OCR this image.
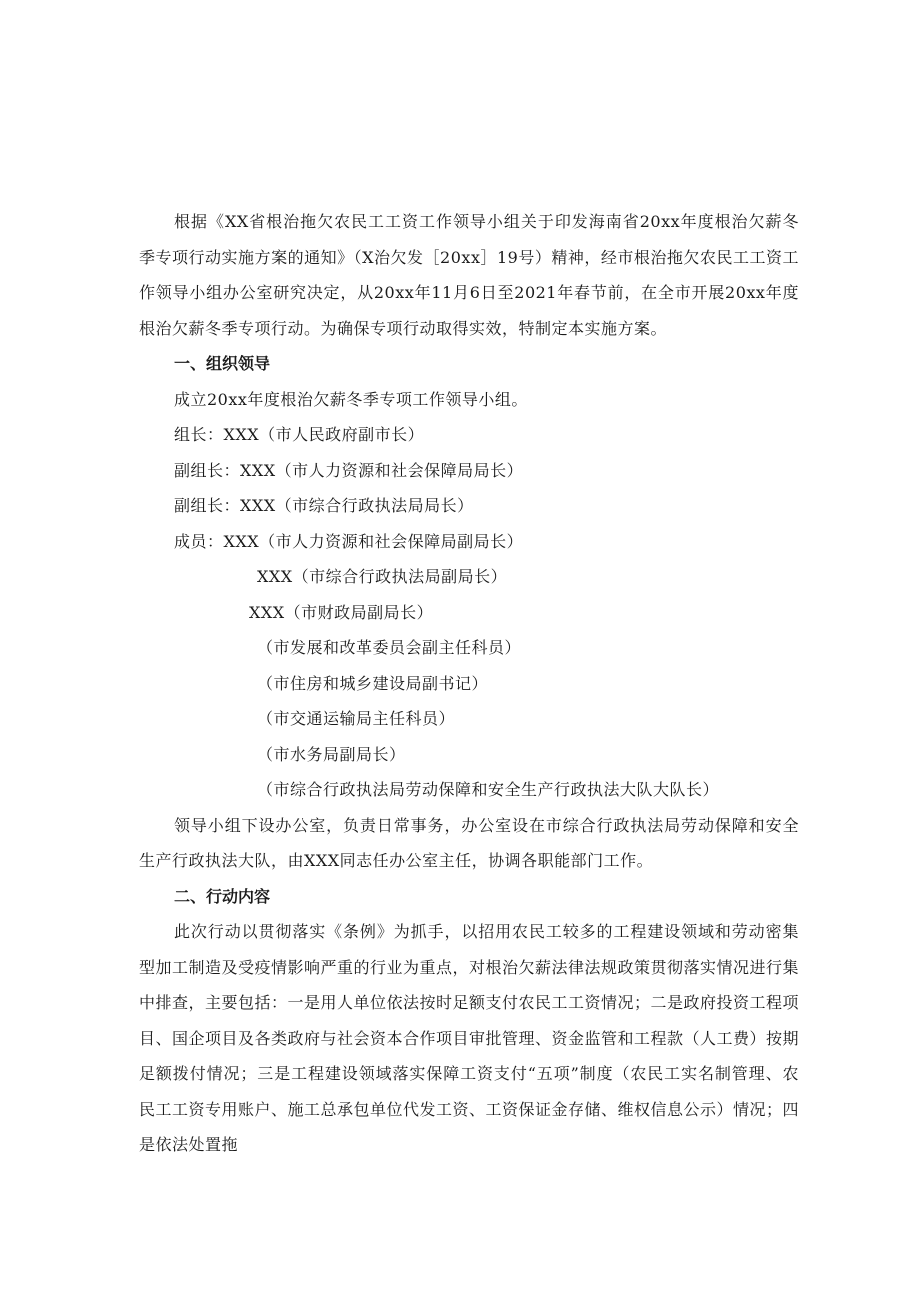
根据《XX省根治拖欠农民工工资工作领导小组关于印发海南省20xx年度根治欠薪冬季专项行动实施方案的通知》（X治欠发［20xx］19号）精神，经市根治拖欠农民工工资工作领导小组办公室研究决定，从20xx年11月6日至2021年春节前，在全市开展20xx年度根治欠薪冬季专项行动。为确保专项行动取得实效，特制定本实施方案。

一、组织领导

成立20xx年度根治欠薪冬季专项工作领导小组。

组长：XXX（市人民政府副市长）

副组长：XXX（市人力资源和社会保障局局长）

副组长：XXX（市综合行政执法局局长）

成员：XXX（市人力资源和社会保障局副局长）

XXX（市综合行政执法局副局长）

XXX（市财政局副局长）

（市发展和改革委员会副主任科员）

（市住房和城乡建设局副书记）

（市交通运输局主任科员）

（市水务局副局长）

（市综合行政执法局劳动保障和安全生产行政执法大队大队长）

领导小组下设办公室，负责日常事务，办公室设在市综合行政执法局劳动保障和安全生产行政执法大队，由XXX同志任办公室主任，协调各职能部门工作。

二、行动内容

此次行动以贯彻落实《条例》为抓手，以招用农民工较多的工程建设领域和劳动密集型加工制造及受疫情影响严重的行业为重点，对根治欠薪法律法规政策贯彻落实情况进行集中排查，主要包括：一是用人单位依法按时足额支付农民工工资情况；二是政府投资工程项目、国企项目及各类政府与社会资本合作项目审批管理、资金监管和工程款（人工费）按期足额拨付情况；三是工程建设领域落实保障工资支付“五项”制度（农民工实名制管理、农民工工资专用账户、施工总承包单位代发工资、工资保证金存储、维权信息公示）情况；四是依法处置拖
